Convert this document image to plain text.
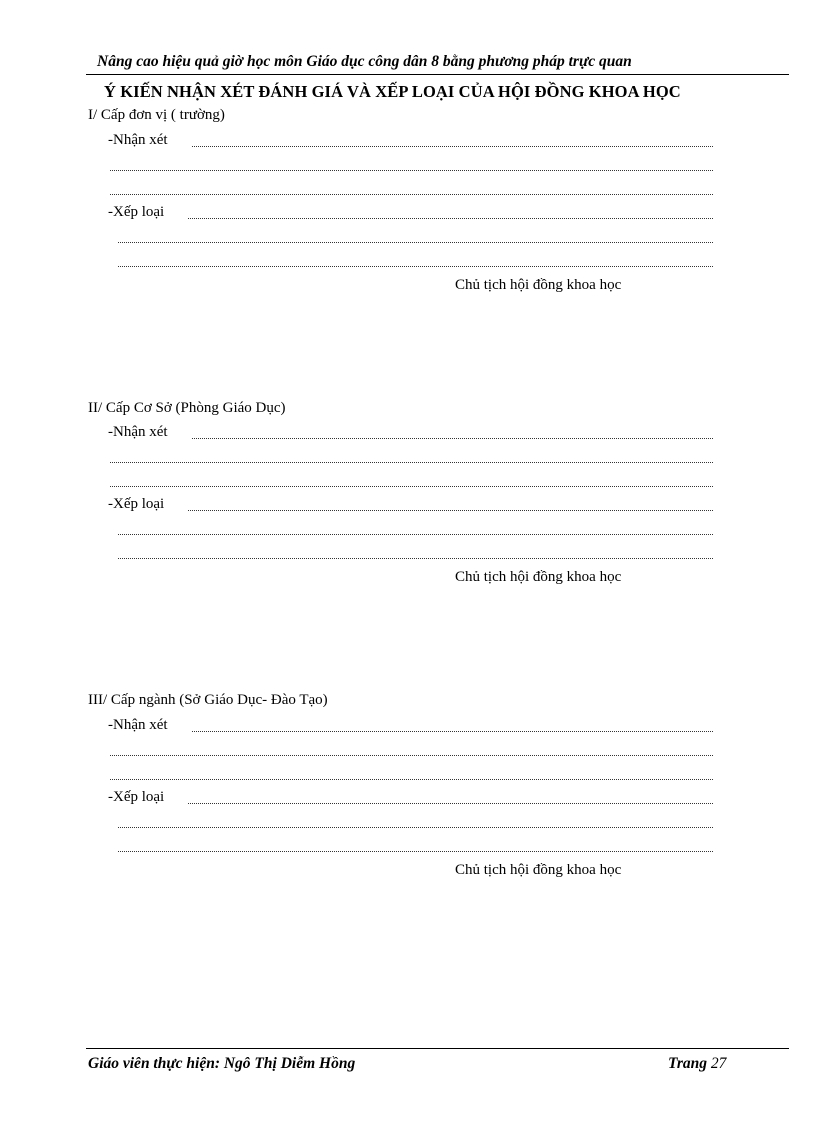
Nâng cao hiệu quả giờ học môn Giáo dục công dân 8 bằng phương pháp trực quan
Ý KIẾN NHẬN XÉT ĐÁNH GIÁ VÀ XẾP LOẠI CỦA HỘI ĐỒNG KHOA HỌC
I/ Cấp đơn vị ( trường)
-Nhận xét
-Xếp loại
Chủ tịch hội đồng khoa học
II/ Cấp Cơ Sở (Phòng Giáo Dục)
-Nhận xét
-Xếp loại
Chủ tịch hội đồng khoa học
III/ Cấp ngành (Sở Giáo Dục- Đào Tạo)
-Nhận xét
-Xếp loại
Chủ tịch hội đồng khoa học
Giáo viên thực hiện: Ngô Thị Diễm Hồng	Trang 27
